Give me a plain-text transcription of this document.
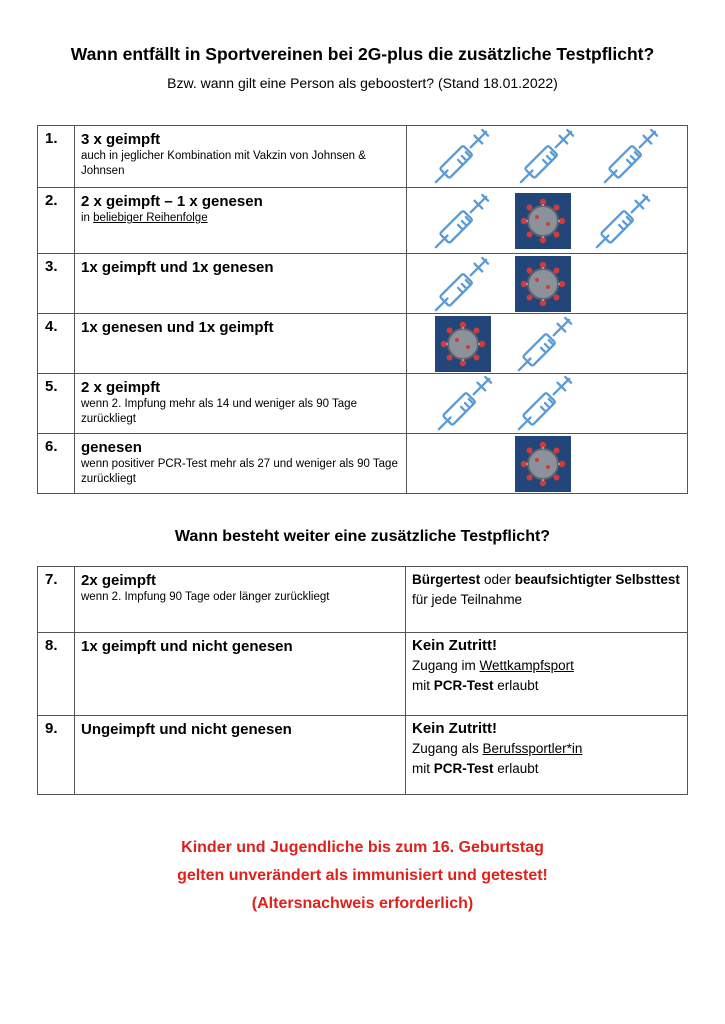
Wann entfällt in Sportvereinen bei 2G-plus die zusätzliche Testpflicht?
Bzw. wann gilt eine Person als geboostert? (Stand 18.01.2022)
1.	3 x geimpft
auch in jeglicher Kombination mit Vakzin von Johnsen & Johnsen

2.	2 x geimpft – 1 x genesen
in beliebiger Reihenfolge

3.	1x geimpft und 1x genesen

4.	1x genesen und 1x geimpft

5.	2 x geimpft
wenn 2. Impfung mehr als 14 und weniger als 90 Tage zurückliegt

6.	genesen
wenn positiver PCR-Test mehr als 27 und weniger als 90 Tage zurückliegt

Wann besteht weiter eine zusätzliche Testpflicht?
7.	2x geimpft
wenn 2. Impfung 90 Tage oder länger zurückliegt	Bürgertest oder beaufsichtigter Selbsttest für jede Teilnahme
8.	1x geimpft und nicht genesen	Kein Zutritt!
Zugang im Wettkampfsport
mit PCR-Test erlaubt

9.	Ungeimpft und nicht genesen	Kein Zutritt!
Zugang als Berufssportler*in
mit PCR-Test erlaubt
Kinder und Jugendliche bis zum 16. Geburtstag
gelten unverändert als immunisiert und getestet!
(Altersnachweis erforderlich)
